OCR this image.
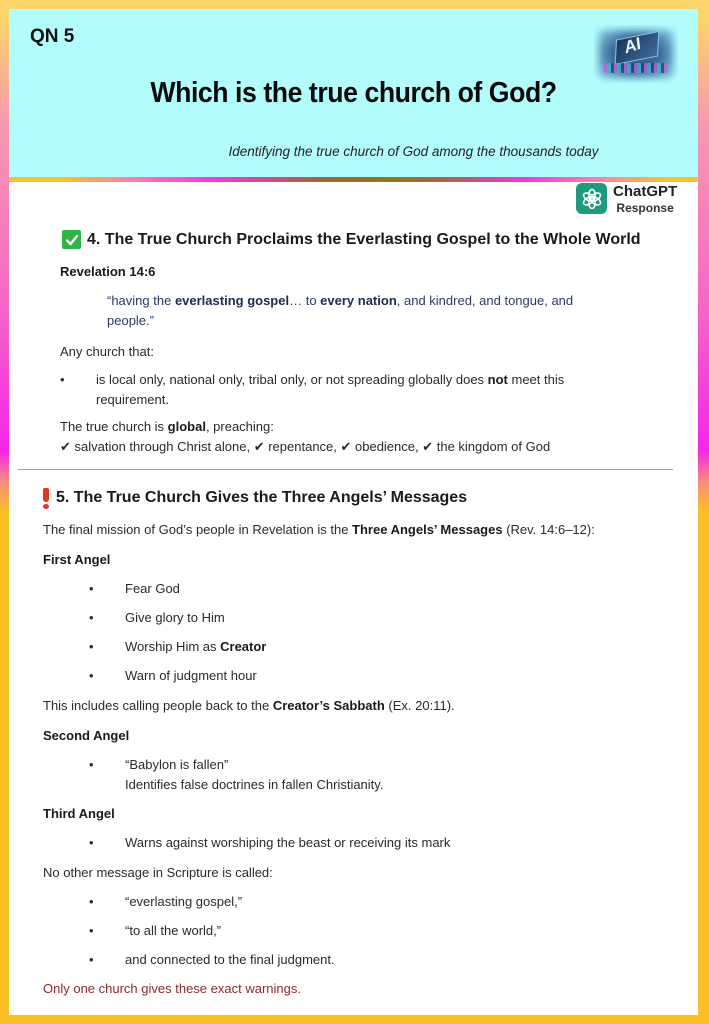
QN 5	AI
Which is the true church of God?
Identifying the true church of God among the thousands today
ChatGPT
Response
4. The True Church Proclaims the Everlasting Gospel to the Whole World
Revelation 14:6
“having the everlasting gospel… to every nation, and kindred, and tongue, and
people.”
Any church that:
• is local only, national only, tribal only, or not spreading globally does not meet this
requirement.
The true church is global, preaching:
✔ salvation through Christ alone, ✔ repentance, ✔ obedience, ✔ the kingdom of God
5. The True Church Gives the Three Angels’ Messages
The final mission of God’s people in Revelation is the Three Angels’ Messages (Rev. 14:6–12):
First Angel
• Fear God
• Give glory to Him
• Worship Him as Creator
• Warn of judgment hour
This includes calling people back to the Creator’s Sabbath (Ex. 20:11).
Second Angel
• “Babylon is fallen”
Identifies false doctrines in fallen Christianity.
Third Angel
• Warns against worshiping the beast or receiving its mark
No other message in Scripture is called:
• “everlasting gospel,”
• “to all the world,”
• and connected to the final judgment.
Only one church gives these exact warnings.
